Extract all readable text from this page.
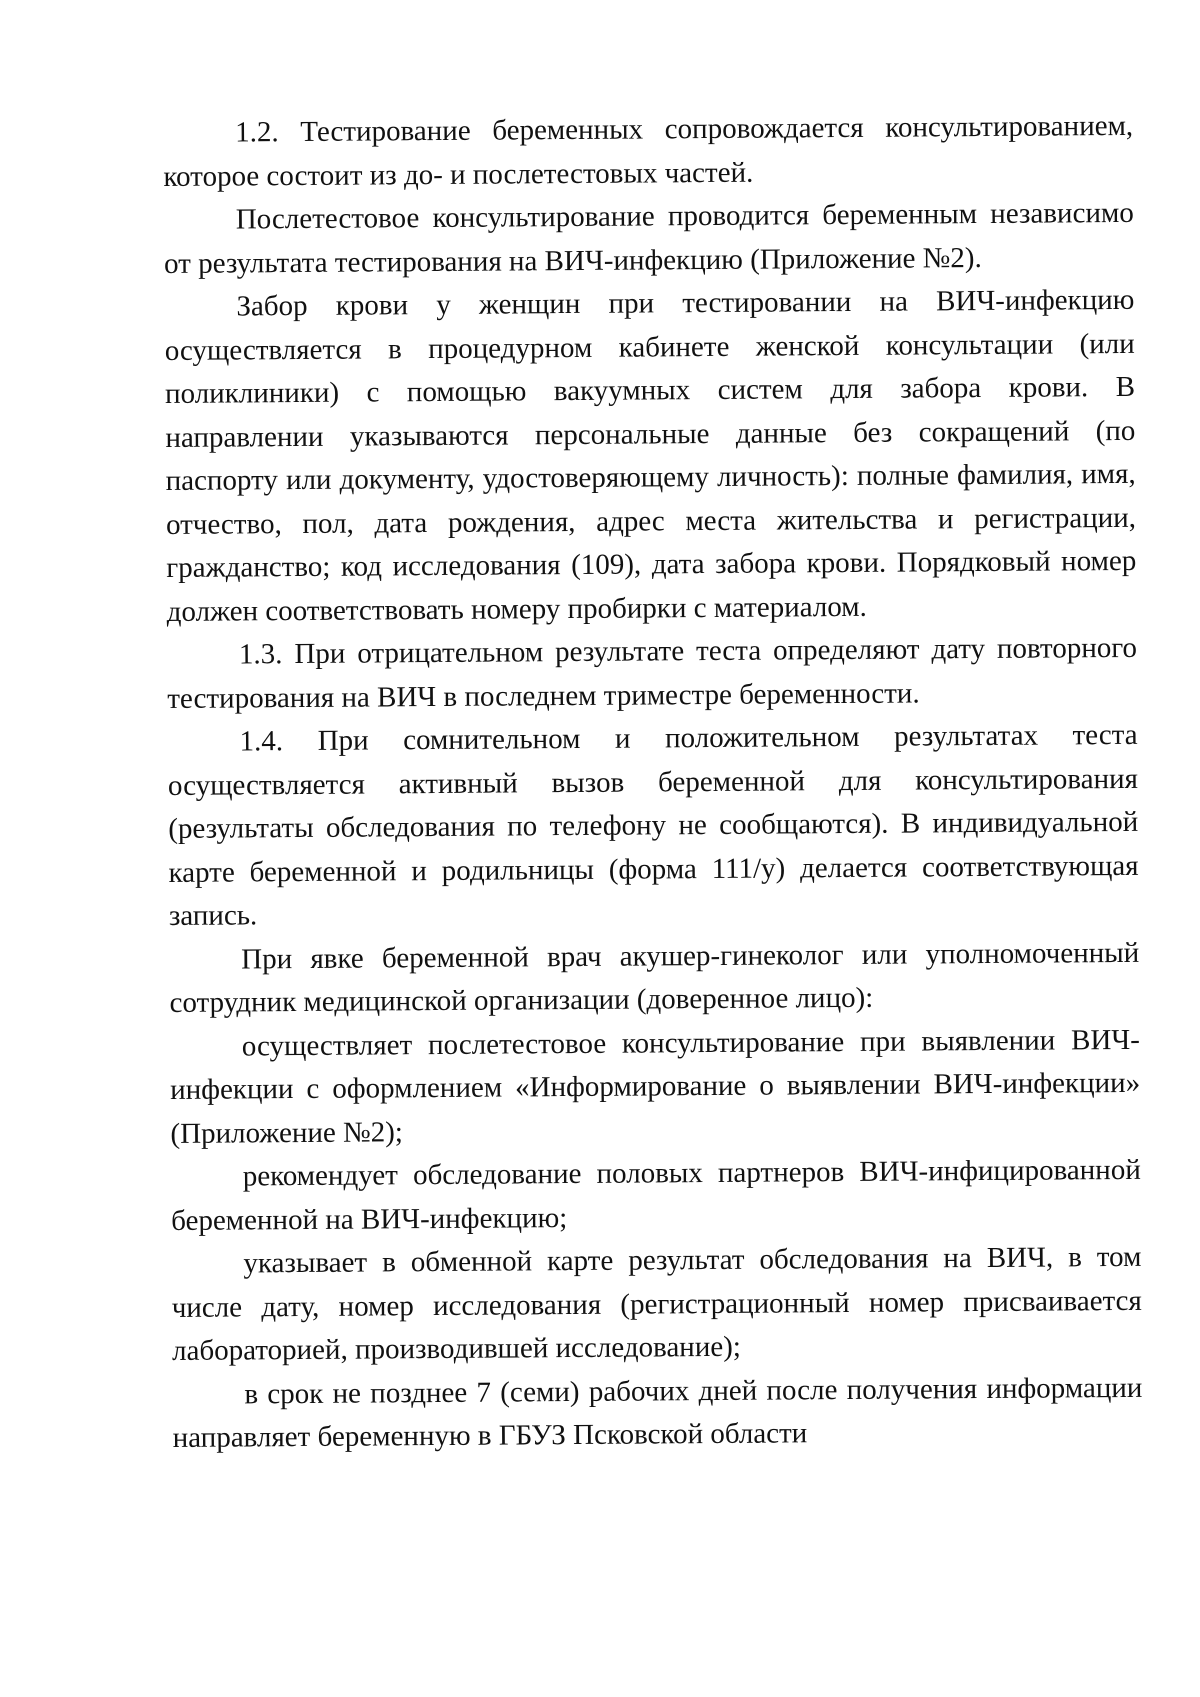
1.2. Тестирование беременных сопровождается консультированием, которое состоит из до- и послетестовых частей.

Послетестовое консультирование проводится беременным независимо от результата тестирования на ВИЧ-инфекцию (Приложение №2).

Забор крови у женщин при тестировании на ВИЧ-инфекцию осуществляется в процедурном кабинете женской консультации (или поликлиники) с помощью вакуумных систем для забора крови. В направлении указываются персональные данные без сокращений (по паспорту или документу, удостоверяющему личность): полные фамилия, имя, отчество, пол, дата рождения, адрес места жительства и регистрации, гражданство; код исследования (109), дата забора крови. Порядковый номер должен соответствовать номеру пробирки с материалом.

1.3. При отрицательном результате теста определяют дату повторного тестирования на ВИЧ в последнем триместре беременности.

1.4. При сомнительном и положительном результатах теста осуществляется активный вызов беременной для консультирования (результаты обследования по телефону не сообщаются). В индивидуальной карте беременной и родильницы (форма 111/у) делается соответствующая запись.

При явке беременной врач акушер-гинеколог или уполномоченный сотрудник медицинской организации (доверенное лицо):

осуществляет послетестовое консультирование при выявлении ВИЧ-инфекции с оформлением «Информирование о выявлении ВИЧ-инфекции» (Приложение №2);

рекомендует обследование половых партнеров ВИЧ-инфицированной беременной на ВИЧ-инфекцию;

указывает в обменной карте результат обследования на ВИЧ, в том числе дату, номер исследования (регистрационный номер присваивается лабораторией, производившей исследование);

в срок не позднее 7 (семи) рабочих дней после получения информации направляет беременную в ГБУЗ Псковской области
